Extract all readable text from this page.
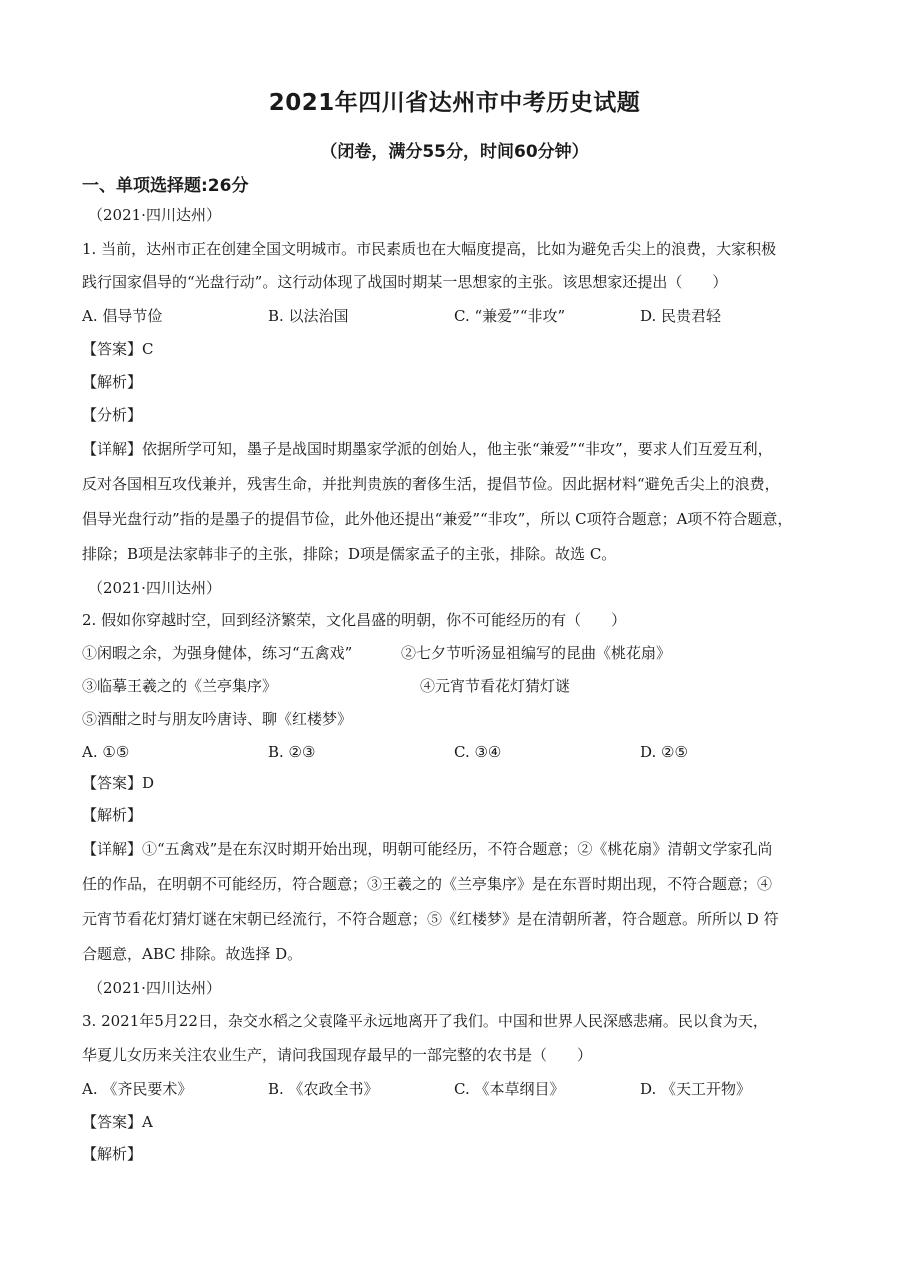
2021年四川省达州市中考历史试题
（闭卷，满分55分，时间60分钟）
一、单项选择题:26分
（2021·四川达州）
1. 当前，达州市正在创建全国文明城市。市民素质也在大幅度提高，比如为避免舌尖上的浪费，大家积极
践行国家倡导的“光盘行动”。这行动体现了战国时期某一思想家的主张。该思想家还提出（　　）
A. 倡导节俭	B. 以法治国	C. “兼爱”“非攻”	D. 民贵君轻
【答案】C
【解析】
【分析】
【详解】依据所学可知，墨子是战国时期墨家学派的创始人，他主张“兼爱”“非攻”，要求人们互爱互利，
反对各国相互攻伐兼并，残害生命，并批判贵族的奢侈生活，提倡节俭。因此据材料“避免舌尖上的浪费，
倡导光盘行动”指的是墨子的提倡节俭，此外他还提出“兼爱”“非攻”，所以 C项符合题意；A项不符合题意，
排除；B项是法家韩非子的主张，排除；D项是儒家孟子的主张，排除。故选 C。
（2021·四川达州）
2. 假如你穿越时空，回到经济繁荣，文化昌盛的明朝，你不可能经历的有（　　）
①闲暇之余，为强身健体，练习“五禽戏”	②七夕节听汤显祖编写的昆曲《桃花扇》
③临摹王羲之的《兰亭集序》	④元宵节看花灯猜灯谜
⑤酒酣之时与朋友吟唐诗、聊《红楼梦》
A. ①⑤	B. ②③	C. ③④	D. ②⑤
【答案】D
【解析】
【详解】①“五禽戏”是在东汉时期开始出现，明朝可能经历，不符合题意；②《桃花扇》清朝文学家孔尚
任的作品，在明朝不可能经历，符合题意；③王羲之的《兰亭集序》是在东晋时期出现，不符合题意；④
元宵节看花灯猜灯谜在宋朝已经流行，不符合题意；⑤《红楼梦》是在清朝所著，符合题意。所所以 D 符
合题意，ABC 排除。故选择 D。
（2021·四川达州）
3. 2021年5月22日，杂交水稻之父袁隆平永远地离开了我们。中国和世界人民深感悲痛。民以食为天，
华夏儿女历来关注农业生产，请问我国现存最早的一部完整的农书是（　　）
A. 《齐民要术》	B. 《农政全书》	C. 《本草纲目》	D. 《天工开物》
【答案】A
【解析】
